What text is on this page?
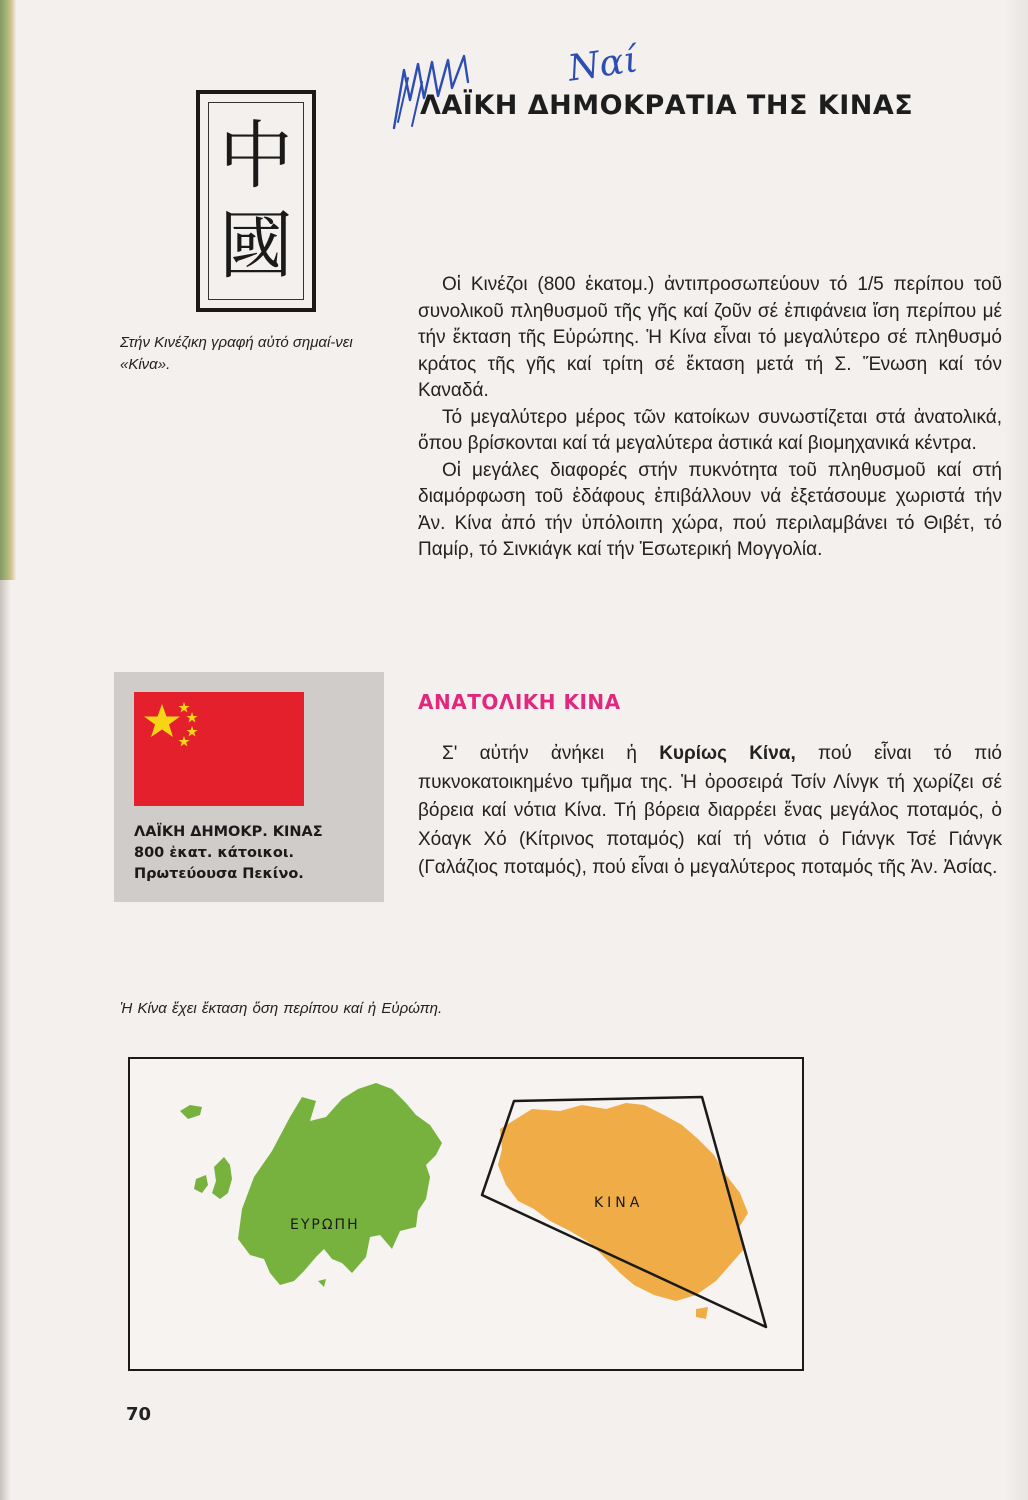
Ναί
ΛΑΪΚΗ ΔΗΜΟΚΡΑΤΙΑ ΤΗΣ ΚΙΝΑΣ
中
國
Στήν Κινέζικη γραφή αὐτό σημαί-νει «Κίνα».

Οἱ Κινέζοι (800 ἑκατομ.) ἀντιπροσωπεύουν τό 1/5 περίπου τοῦ συνολικοῦ πληθυσμοῦ τῆς γῆς καί ζοῦν σέ ἐπιφάνεια ἴση περίπου μέ τήν ἔκταση τῆς Εὐρώπης. Ἡ Κίνα εἶναι τό μεγαλύτερο σέ πληθυσμό κράτος τῆς γῆς καί τρίτη σέ ἔκταση μετά τή Σ. Ἕνωση καί τόν Καναδά.

Τό μεγαλύτερο μέρος τῶν κατοίκων συνωστίζεται στά ἀνατολικά, ὅπου βρίσκονται καί τά μεγαλύτερα ἀστικά καί βιομηχανικά κέντρα.

Οἱ μεγάλες διαφορές στήν πυκνότητα τοῦ πληθυσμοῦ καί στή διαμόρφωση τοῦ ἐδάφους ἐπιβάλλουν νά ἐξετάσουμε χωριστά τήν Ἀν. Κίνα ἀπό τήν ὑπόλοιπη χώρα, πού περιλαμβάνει τό Θιβέτ, τό Παμίρ, τό Σινκιάγκ καί τήν Ἐσωτερική Μογγολία.

ΛΑΪΚΗ ΔΗΜΟΚΡ. ΚΙΝΑΣ
800 ἑκατ. κάτοικοι.
Πρωτεύουσα Πεκίνο.
ΑΝΑΤΟΛΙΚΗ ΚΙΝΑ

Σ' αὐτήν ἀνήκει ἡ Κυρίως Κίνα, πού εἶναι τό πιό πυκνοκατοικημένο τμῆμα της. Ἡ ὀροσειρά Τσίν Λίνγκ τή χωρίζει σέ βόρεια καί νότια Κίνα. Τή βόρεια διαρρέει ἕνας μεγάλος ποταμός, ὁ Χόαγκ Χό (Κίτρινος ποταμός) καί τή νότια ὁ Γιάνγκ Τσέ Γιάνγκ (Γαλάζιος ποταμός), πού εἶναι ὁ μεγαλύτερος ποταμός τῆς Ἀν. Ἀσίας.

Ἡ Κίνα ἔχει ἔκταση ὅση περίπου καί ἡ Εὐρώπη.
ΕΥΡΩΠΗ
ΚΙΝΑ
70
